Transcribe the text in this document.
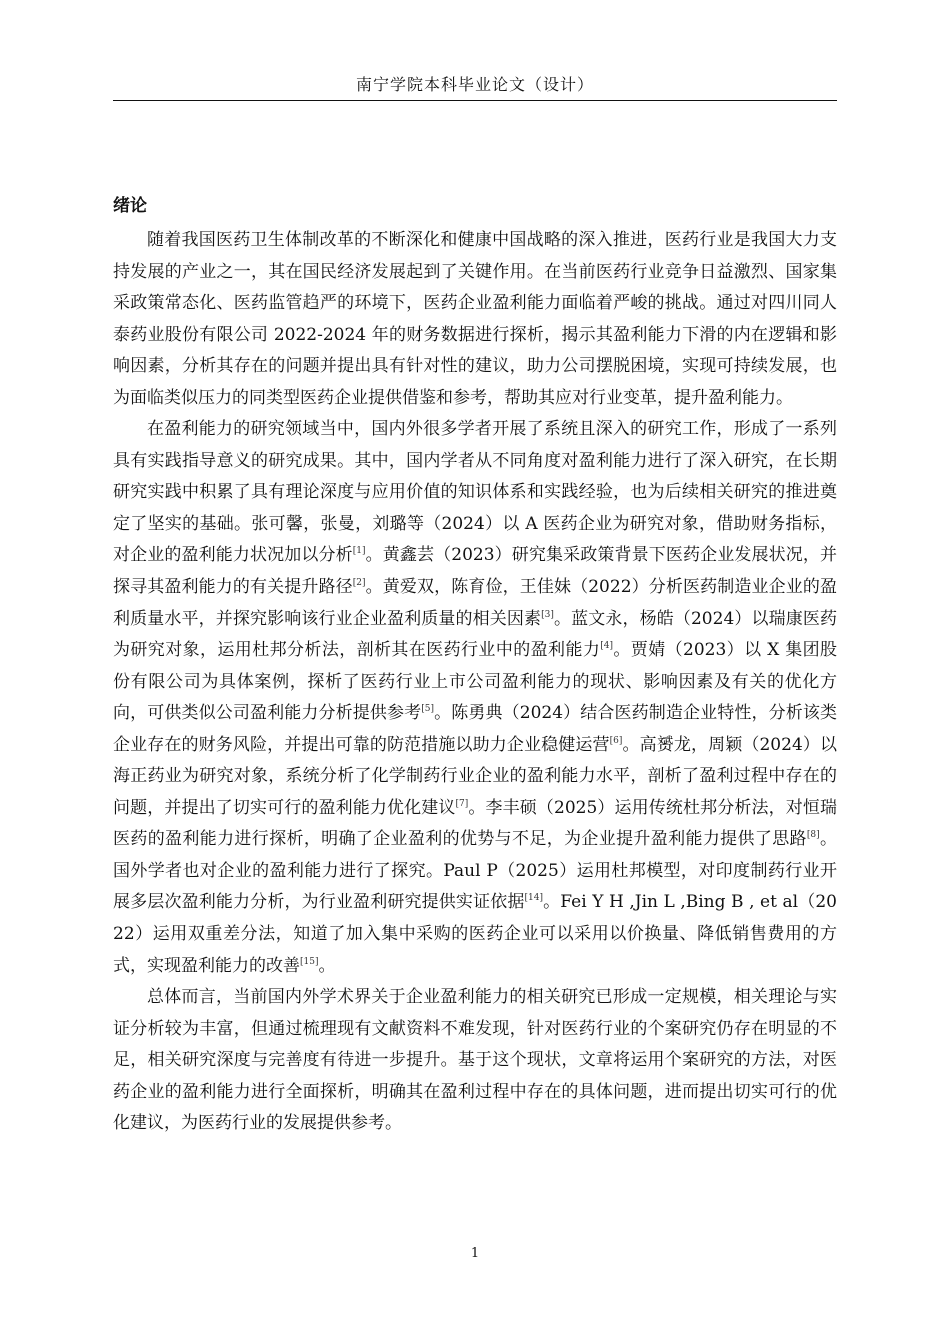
南宁学院本科毕业论文（设计）
绪论

随着我国医药卫生体制改革的不断深化和健康中国战略的深入推进，医药行业是我国大力支持发展的产业之一，其在国民经济发展起到了关键作用。在当前医药行业竞争日益激烈、国家集采政策常态化、医药监管趋严的环境下，医药企业盈利能力面临着严峻的挑战。通过对四川同人泰药业股份有限公司 2022-2024 年的财务数据进行探析，揭示其盈利能力下滑的内在逻辑和影响因素，分析其存在的问题并提出具有针对性的建议，助力公司摆脱困境，实现可持续发展，也为面临类似压力的同类型医药企业提供借鉴和参考，帮助其应对行业变革，提升盈利能力。

在盈利能力的研究领域当中，国内外很多学者开展了系统且深入的研究工作，形成了一系列具有实践指导意义的研究成果。其中，国内学者从不同角度对盈利能力进行了深入研究，在长期研究实践中积累了具有理论深度与应用价值的知识体系和实践经验，也为后续相关研究的推进奠定了坚实的基础。张可馨，张曼，刘璐等（2024）以 A 医药企业为研究对象，借助财务指标，对企业的盈利能力状况加以分析[1]。黄鑫芸（2023）研究集采政策背景下医药企业发展状况，并探寻其盈利能力的有关提升路径[2]。黄爱双，陈育俭，王佳妹（2022）分析医药制造业企业的盈利质量水平，并探究影响该行业企业盈利质量的相关因素[3]。蓝文永，杨皓（2024）以瑞康医药为研究对象，运用杜邦分析法，剖析其在医药行业中的盈利能力[4]。贾婧（2023）以 X 集团股份有限公司为具体案例，探析了医药行业上市公司盈利能力的现状、影响因素及有关的优化方向，可供类似公司盈利能力分析提供参考[5]。陈勇典（2024）结合医药制造企业特性，分析该类企业存在的财务风险，并提出可靠的防范措施以助力企业稳健运营[6]。高赟龙，周颖（2024）以海正药业为研究对象，系统分析了化学制药行业企业的盈利能力水平，剖析了盈利过程中存在的问题，并提出了切实可行的盈利能力优化建议[7]。李丰硕（2025）运用传统杜邦分析法，对恒瑞医药的盈利能力进行探析，明确了企业盈利的优势与不足，为企业提升盈利能力提供了思路[8]。国外学者也对企业的盈利能力进行了探究。Paul P（2025）运用杜邦模型，对印度制药行业开展多层次盈利能力分析，为行业盈利研究提供实证依据[14]。Fei Y H ,Jin L ,Bing B , et al（2022）运用双重差分法，知道了加入集中采购的医药企业可以采用以价换量、降低销售费用的方式，实现盈利能力的改善[15]。

总体而言，当前国内外学术界关于企业盈利能力的相关研究已形成一定规模，相关理论与实证分析较为丰富，但通过梳理现有文献资料不难发现，针对医药行业的个案研究仍存在明显的不足，相关研究深度与完善度有待进一步提升。基于这个现状，文章将运用个案研究的方法，对医药企业的盈利能力进行全面探析，明确其在盈利过程中存在的具体问题，进而提出切实可行的优化建议，为医药行业的发展提供参考。

1
